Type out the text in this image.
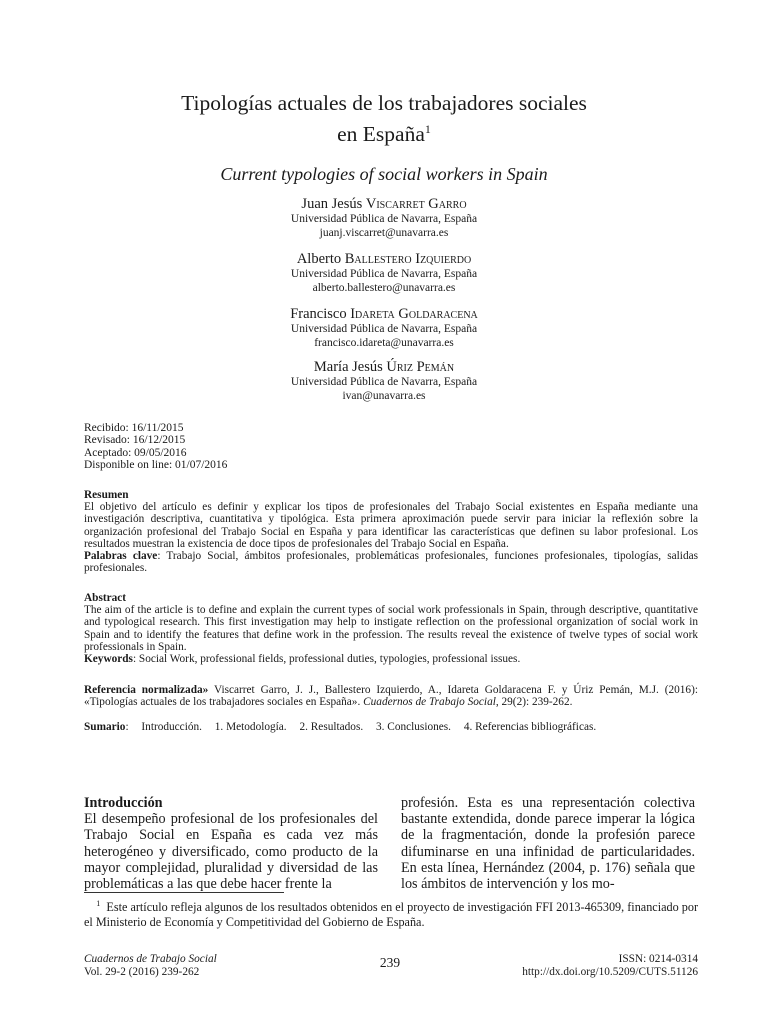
Tipologías actuales de los trabajadores sociales
en España$^1$
Current typologies of social workers in Spain
Juan Jesús Viscarret Garro
Universidad Pública de Navarra, España
juanj.viscarret@unavarra.es
Alberto Ballestero Izquierdo
Universidad Pública de Navarra, España
alberto.ballestero@unavarra.es
Francisco Idareta Goldaracena
Universidad Pública de Navarra, España
francisco.idareta@unavarra.es
María Jesús Úriz Pemán
Universidad Pública de Navarra, España
ivan@unavarra.es
Recibido: 16/11/2015
Revisado: 16/12/2015
Aceptado: 09/05/2016
Disponible on line: 01/07/2016
Resumen
El objetivo del artículo es definir y explicar los tipos de profesionales del Trabajo Social existentes en España mediante una investigación descriptiva, cuantitativa y tipológica. Esta primera aproximación puede servir para iniciar la reflexión sobre la organización profesional del Trabajo Social en España y para identificar las características que definen su labor profesional. Los resultados muestran la existencia de doce tipos de profesionales del Trabajo Social en España.
Palabras clave: Trabajo Social, ámbitos profesionales, problemáticas profesionales, funciones profesionales, tipologías, salidas profesionales.
Abstract
The aim of the article is to define and explain the current types of social work professionals in Spain, through descriptive, quantitative and typological research. This first investigation may help to instigate reflection on the professional organization of social work in Spain and to identify the features that define work in the profession. The results reveal the existence of twelve types of social work professionals in Spain.
Keywords: Social Work, professional fields, professional duties, typologies, professional issues.
Referencia normalizada» Viscarret Garro, J. J., Ballestero Izquierdo, A., Idareta Goldaracena F. y Úriz Pemán, M.J. (2016): «Tipologías actuales de los trabajadores sociales en España». Cuadernos de Trabajo Social, 29(2): 239-262.
Sumario: Introducción. 1. Metodología. 2. Resultados. 3. Conclusiones. 4. Referencias bibliográficas.
Introducción

El desempeño profesional de los profesionales del Trabajo Social en España es cada vez más heterogéneo y diversificado, como producto de la mayor complejidad, pluralidad y diversidad de las problemáticas a las que debe hacer frente la

profesión. Esta es una representación colectiva bastante extendida, donde parece imperar la lógica de la fragmentación, donde la profesión parece difuminarse en una infinidad de particularidades. En esta línea, Hernández (2004, p. 176) señala que los ámbitos de intervención y los mo-

$^1$ Este artículo refleja algunos de los resultados obtenidos en el proyecto de investigación FFI 2013-465309, financiado por el Ministerio de Economía y Competitividad del Gobierno de España.
Cuadernos de Trabajo Social
Vol. 29-2 (2016) 239-262
239	ISSN: 0214-0314
http://dx.doi.org/10.5209/CUTS.51126
